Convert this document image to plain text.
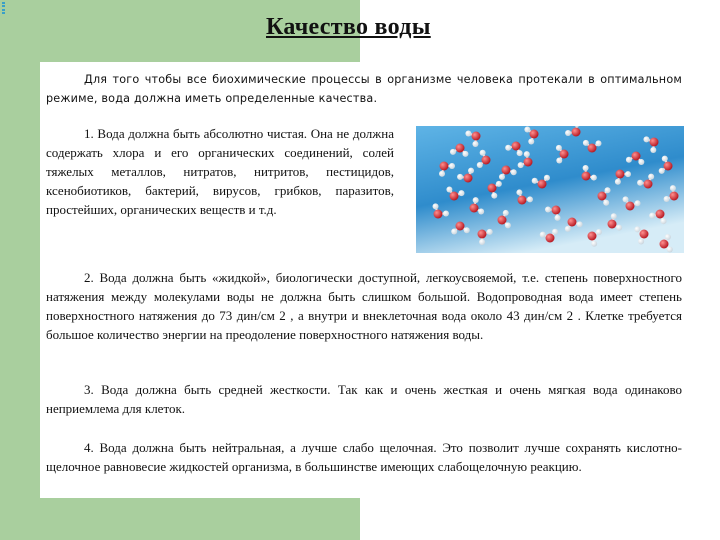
Качество воды

Для того чтобы все биохимические процессы в организме человека протекали в оптимальном режиме, вода должна иметь определенные качества.

1. Вода должна быть абсолютно чистая. Она не должна содержать хлора и его органических соединений, солей тяжелых металлов, нитратов, нитритов, пестицидов, ксенобиотиков, бактерий, вирусов, грибков, паразитов, простейших, органических веществ и т.д.

2. Вода должна быть «жидкой», биологически доступной, легкоусвояемой, т.е. степень поверхностного натяжения между молекулами воды не должна быть слишком большой. Водопроводная вода имеет степень поверхностного натяжения до 73 дин/см 2 , а внутри и внеклеточная вода около 43 дин/см 2 . Клетке требуется большое количество энергии на преодоление поверхностного натяжения воды.

3. Вода должна быть средней жесткости. Так как и очень жесткая и очень мягкая вода одинаково неприемлема для клеток.

4. Вода должна быть нейтральная, а лучше слабо щелочная. Это позволит лучше сохранять кислотно-щелочное равновесие жидкостей организма, в большинстве имеющих слабощелочную реакцию.
